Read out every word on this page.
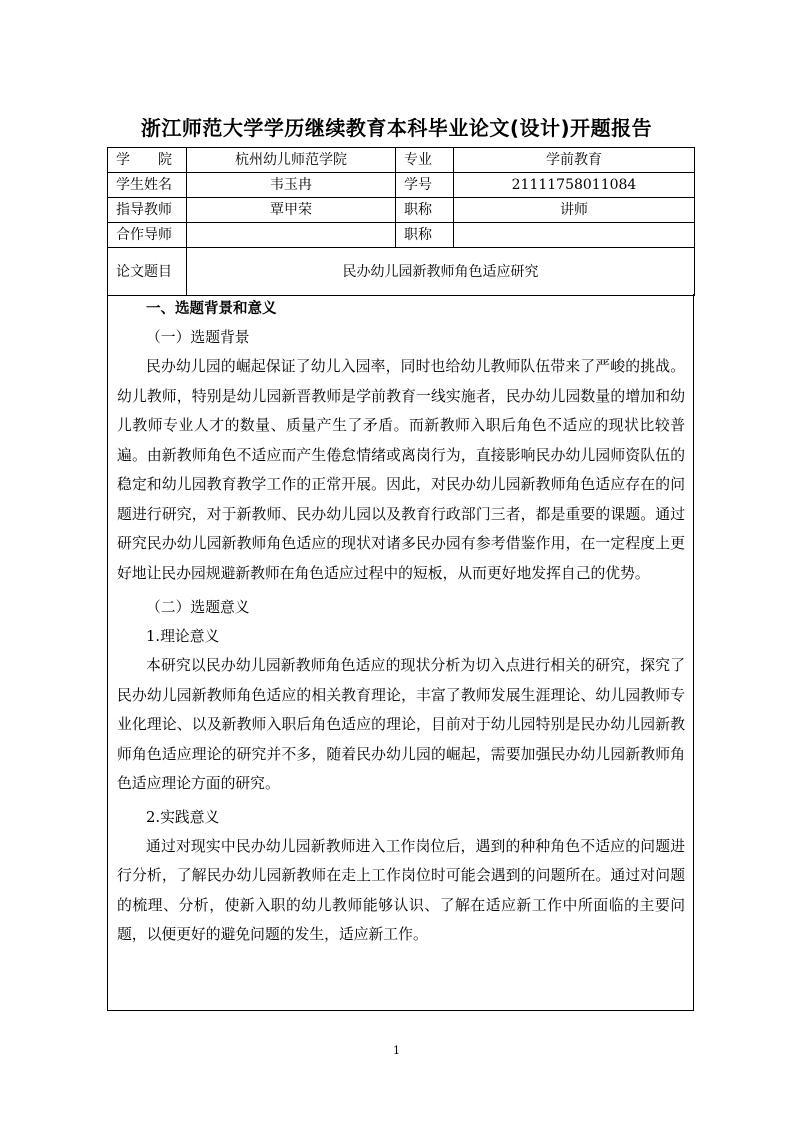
浙江师范大学学历继续教育本科毕业论文(设计)开题报告
学　　院	杭州幼儿师范学院	专业	学前教育
学生姓名	韦玉冉	学号	21111758011084
指导教师	覃甲荣	职称	讲师
合作导师		职称	
论文题目	民办幼儿园新教师角色适应研究		
一、选题背景和意义
（一）选题背景
民办幼儿园的崛起保证了幼儿入园率，同时也给幼儿教师队伍带来了严峻的挑战。幼儿教师，特别是幼儿园新晋教师是学前教育一线实施者，民办幼儿园数量的增加和幼儿教师专业人才的数量、质量产生了矛盾。而新教师入职后角色不适应的现状比较普遍。由新教师角色不适应而产生倦怠情绪或离岗行为，直接影响民办幼儿园师资队伍的稳定和幼儿园教育教学工作的正常开展。因此，对民办幼儿园新教师角色适应存在的问题进行研究，对于新教师、民办幼儿园以及教育行政部门三者，都是重要的课题。通过研究民办幼儿园新教师角色适应的现状对诸多民办园有参考借鉴作用，在一定程度上更好地让民办园规避新教师在角色适应过程中的短板，从而更好地发挥自己的优势。
（二）选题意义
1.理论意义
本研究以民办幼儿园新教师角色适应的现状分析为切入点进行相关的研究，探究了民办幼儿园新教师角色适应的相关教育理论，丰富了教师发展生涯理论、幼儿园教师专业化理论、以及新教师入职后角色适应的理论，目前对于幼儿园特别是民办幼儿园新教师角色适应理论的研究并不多，随着民办幼儿园的崛起，需要加强民办幼儿园新教师角色适应理论方面的研究。
2.实践意义
通过对现实中民办幼儿园新教师进入工作岗位后，遇到的种种角色不适应的问题进行分析，了解民办幼儿园新教师在走上工作岗位时可能会遇到的问题所在。通过对问题的梳理、分析，使新入职的幼儿教师能够认识、了解在适应新工作中所面临的主要问题，以便更好的避免问题的发生，适应新工作。
1
